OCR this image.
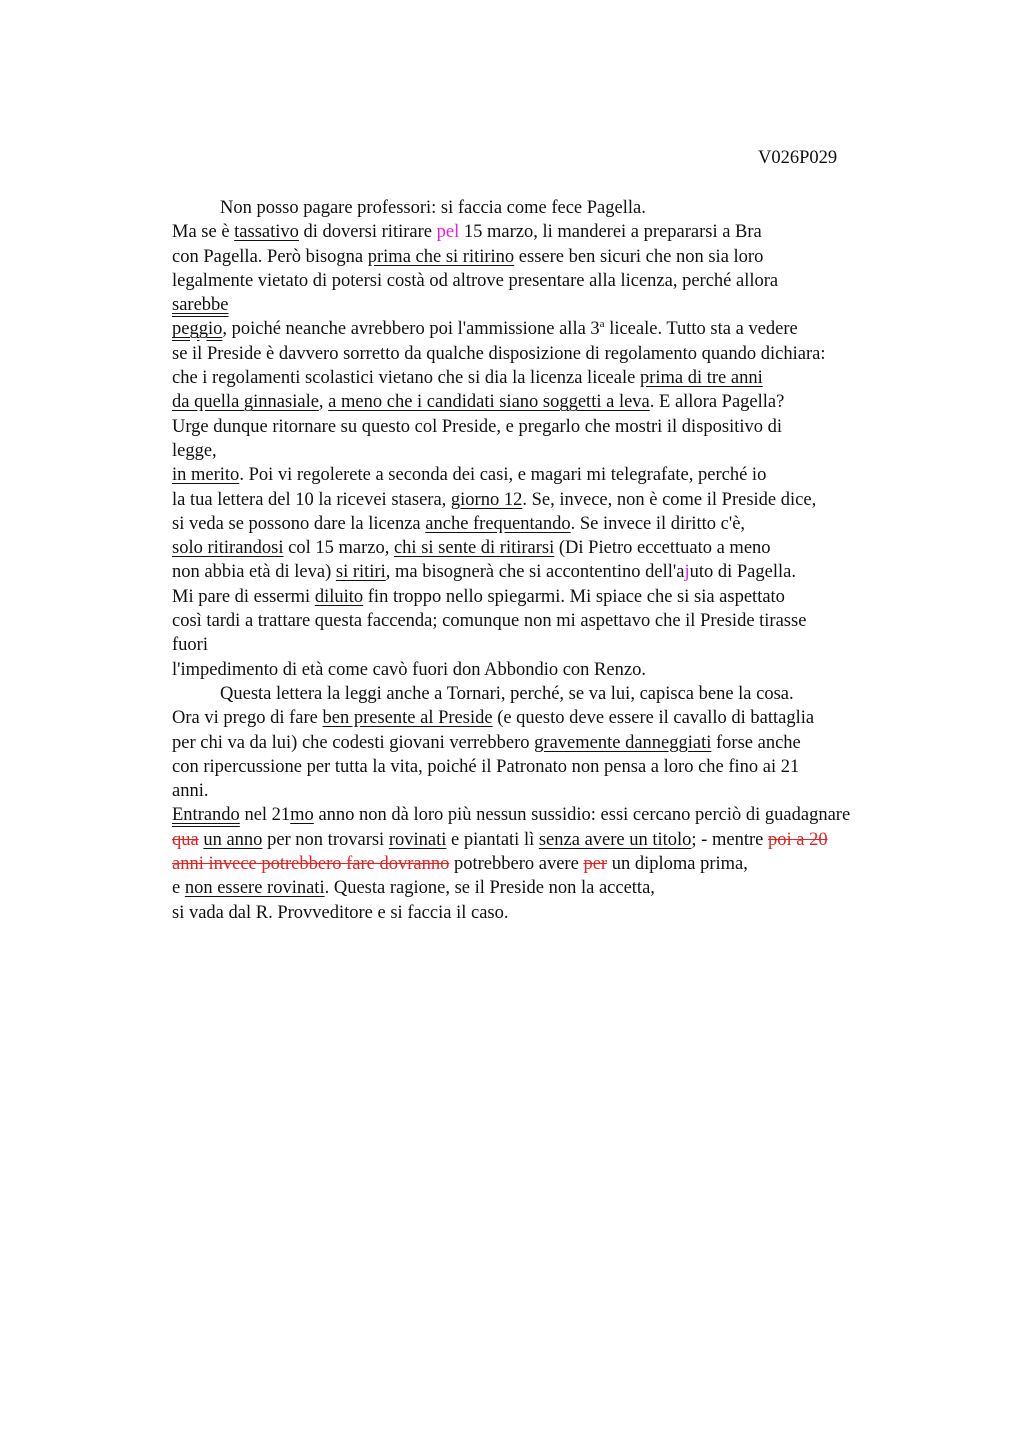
V026P029
Non posso pagare professori: si faccia come fece Pagella.
Ma se è tassativo di doversi ritirare pel 15 marzo, li manderei a prepararsi a Bra
con Pagella. Però bisogna prima che si ritirino essere ben sicuri che non sia loro
legalmente vietato di potersi costà od altrove presentare alla licenza, perché allora
sarebbe
peggio, poiché neanche avrebbero poi l'ammissione alla 3$^a$ liceale. Tutto sta a vedere
se il Preside è davvero sorretto da qualche disposizione di regolamento quando dichiara:
che i regolamenti scolastici vietano che si dia la licenza liceale prima di tre anni
da quella ginnasiale, a meno che i candidati siano soggetti a leva. E allora Pagella?
Urge dunque ritornare su questo col Preside, e pregarlo che mostri il dispositivo di
legge,
in merito. Poi vi regolerete a seconda dei casi, e magari mi telegrafate, perché io
la tua lettera del 10 la ricevei stasera, giorno 12. Se, invece, non è come il Preside dice,
si veda se possono dare la licenza anche frequentando. Se invece il diritto c'è,
solo ritirandosi col 15 marzo, chi si sente di ritirarsi (Di Pietro eccettuato a meno
non abbia età di leva) si ritiri, ma bisognerà che si accontentino dell'ajuto di Pagella.
Mi pare di essermi diluito fin troppo nello spiegarmi. Mi spiace che si sia aspettato
così tardi a trattare questa faccenda; comunque non mi aspettavo che il Preside tirasse
fuori
l'impedimento di età come cavò fuori don Abbondio con Renzo.
Questa lettera la leggi anche a Tornari, perché, se va lui, capisca bene la cosa.
Ora vi prego di fare ben presente al Preside (e questo deve essere il cavallo di battaglia
per chi va da lui) che codesti giovani verrebbero gravemente danneggiati forse anche
con ripercussione per tutta la vita, poiché il Patronato non pensa a loro che fino ai 21
anni.
Entrando nel 21mo anno non dà loro più nessun sussidio: essi cercano perciò di guadagnare
qua un anno per non trovarsi rovinati e piantati lì senza avere un titolo; - mentre poi a 20
anni invece potrebbero fare dovranno potrebbero avere per un diploma prima,
e non essere rovinati. Questa ragione, se il Preside non la accetta,
si vada dal R. Provveditore e si faccia il caso.
